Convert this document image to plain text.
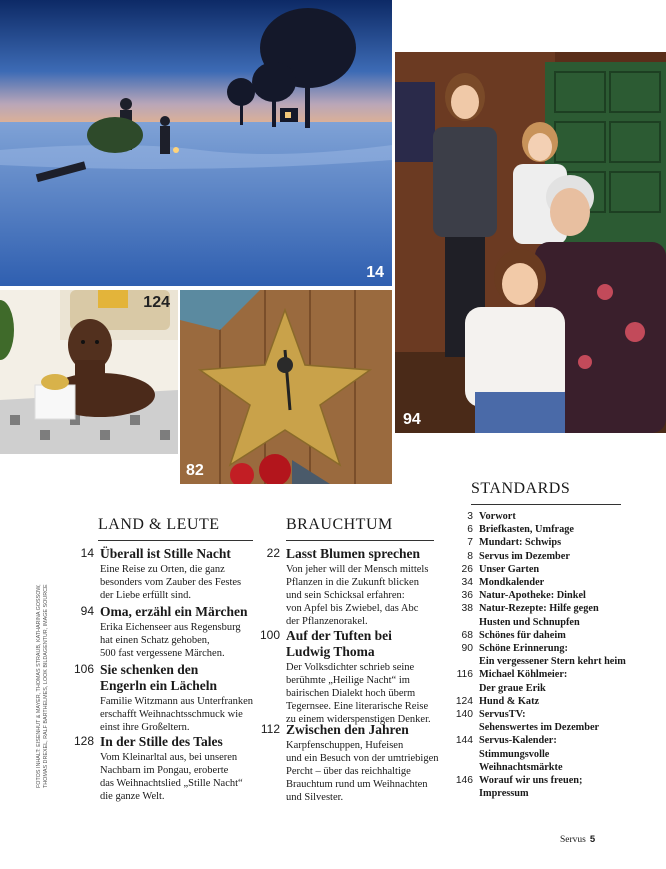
14
94
124
82
LAND & LEUTE
14 Überall ist Stille Nacht
Eine Reise zu Orten, die ganz
besonders vom Zauber des Festes
der Liebe erfüllt sind.
94 Oma, erzähl ein Märchen
Erika Eichenseer aus Regensburg
hat einen Schatz gehoben,
500 fast vergessene Märchen.
106 Sie schenken den
Engerln ein Lächeln
Familie Witzmann aus Unterfranken
erschafft Weihnachtsschmuck wie
einst ihre Großeltern.
128 In der Stille des Tales
Vom Kleinarltal aus, bei unseren
Nachbarn im Pongau, eroberte
das Weihnachtslied „Stille Nacht“
die ganze Welt.
BRAUCHTUM
22 Lasst Blumen sprechen
Von jeher will der Mensch mittels
Pflanzen in die Zukunft blicken
und sein Schicksal erfahren:
von Apfel bis Zwiebel, das Abc
der Pflanzenorakel.
100 Auf der Tuften bei
Ludwig Thoma
Der Volksdichter schrieb seine
berühmte „Heilige Nacht“ im
bairischen Dialekt hoch überm
Tegernsee. Eine literarische Reise
zu einem widerspenstigen Denker.
112 Zwischen den Jahren
Karpfenschuppen, Hufeisen
und ein Besuch von der umtriebigen
Percht – über das reichhaltige
Brauchtum rund um Weihnachten
und Silvester.
STANDARDS
3 Vorwort
6 Briefkasten, Umfrage
7 Mundart: Schwips
8 Servus im Dezember
26 Unser Garten
34 Mondkalender
36 Natur-Apotheke: Dinkel
38 Natur-Rezepte: Hilfe gegen
Husten und Schnupfen
68 Schönes für daheim
90 Schöne Erinnerung:
Ein vergessener Stern kehrt heim
116 Michael Köhlmeier:
Der graue Erik
124 Hund & Katz
140 ServusTV:
Sehenswertes im Dezember
144 Servus-Kalender: Stimmungsvolle
Weihnachtsmärkte
146 Worauf wir uns freuen; Impressum
FOTOS INHALT: EISENHUT & MAYER, THOMAS STRAUB, KATHARINA GOSSOW, THOMAS DREXEL, RALF BARTHELMES, LOOK BILDAGENTUR, IMAGE SOURCE
Servus 5
